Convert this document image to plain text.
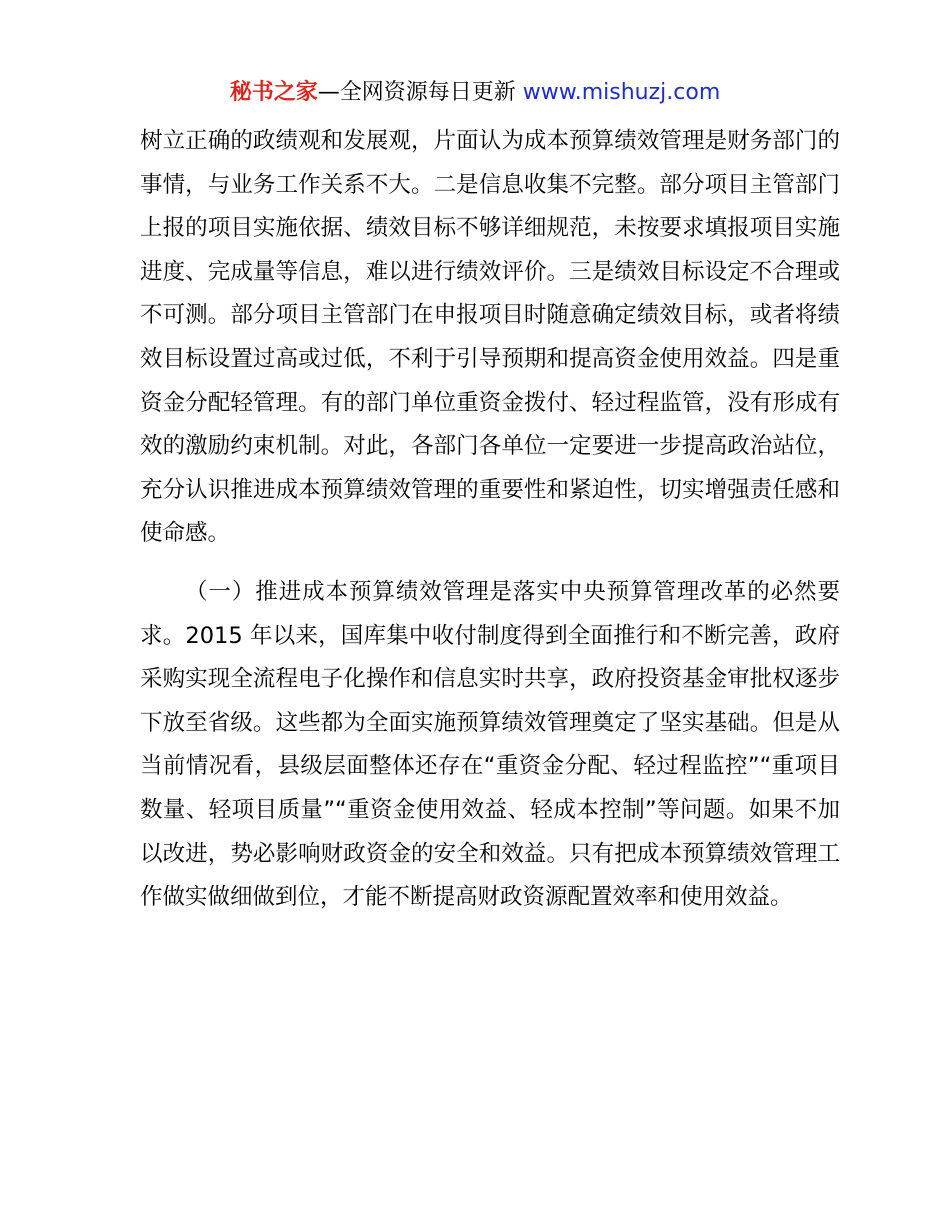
秘书之家—全网资源每日更新 www.mishuzj.com

树立正确的政绩观和发展观，片面认为成本预算绩效管理是财务部门的事情，与业务工作关系不大。二是信息收集不完整。部分项目主管部门上报的项目实施依据、绩效目标不够详细规范，未按要求填报项目实施进度、完成量等信息，难以进行绩效评价。三是绩效目标设定不合理或不可测。部分项目主管部门在申报项目时随意确定绩效目标，或者将绩效目标设置过高或过低，不利于引导预期和提高资金使用效益。四是重资金分配轻管理。有的部门单位重资金拨付、轻过程监管，没有形成有效的激励约束机制。对此，各部门各单位一定要进一步提高政治站位，充分认识推进成本预算绩效管理的重要性和紧迫性，切实增强责任感和使命感。

（一）推进成本预算绩效管理是落实中央预算管理改革的必然要求。2015 年以来，国库集中收付制度得到全面推行和不断完善，政府采购实现全流程电子化操作和信息实时共享，政府投资基金审批权逐步下放至省级。这些都为全面实施预算绩效管理奠定了坚实基础。但是从当前情况看，县级层面整体还存在“重资金分配、轻过程监控”“重项目数量、轻项目质量”“重资金使用效益、轻成本控制”等问题。如果不加以改进，势必影响财政资金的安全和效益。只有把成本预算绩效管理工作做实做细做到位，才能不断提高财政资源配置效率和使用效益。
